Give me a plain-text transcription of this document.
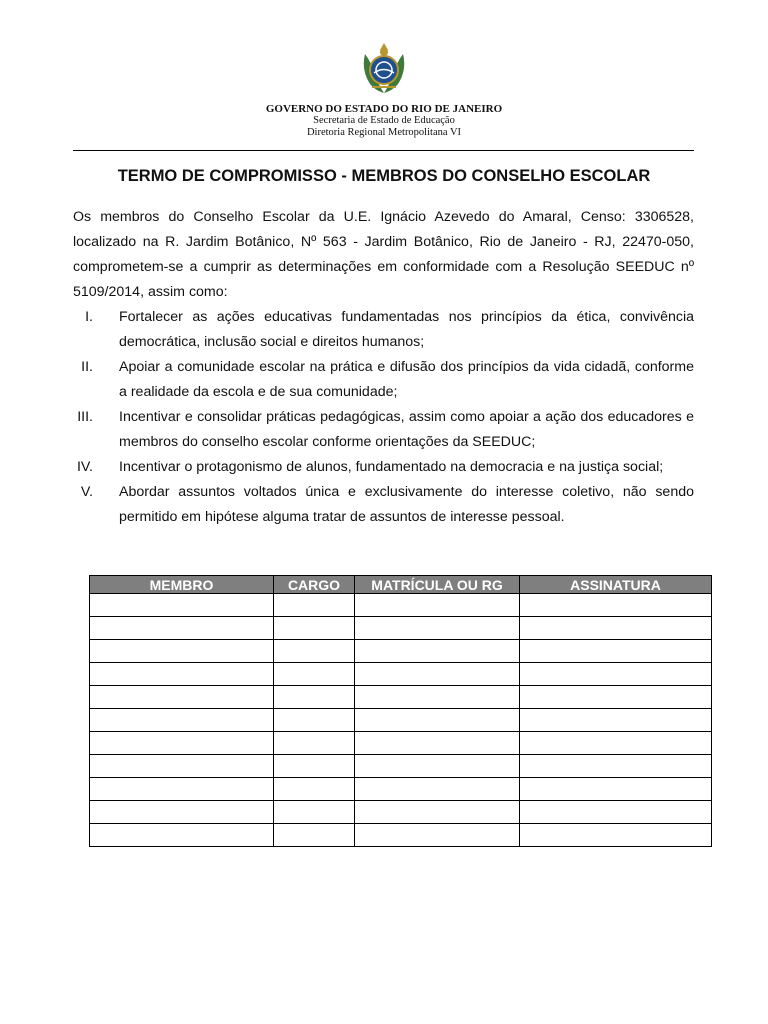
GOVERNO DO ESTADO DO RIO DE JANEIRO
Secretaria de Estado de Educação
Diretoria Regional Metropolitana VI
TERMO DE COMPROMISSO - MEMBROS DO CONSELHO ESCOLAR

Os membros do Conselho Escolar da U.E. Ignácio Azevedo do Amaral, Censo: 3306528, localizado na R. Jardim Botânico, Nº 563 - Jardim Botânico, Rio de Janeiro - RJ, 22470-050, comprometem-se a cumprir as determinações em conformidade com a Resolução SEEDUC nº 5109/2014, assim como:

I. Fortalecer as ações educativas fundamentadas nos princípios da ética, convivência democrática, inclusão social e direitos humanos;
II. Apoiar a comunidade escolar na prática e difusão dos princípios da vida cidadã, conforme a realidade da escola e de sua comunidade;
III. Incentivar e consolidar práticas pedagógicas, assim como apoiar a ação dos educadores e membros do conselho escolar conforme orientações da SEEDUC;
IV. Incentivar o protagonismo de alunos, fundamentado na democracia e na justiça social;
V. Abordar assuntos voltados única e exclusivamente do interesse coletivo, não sendo permitido em hipótese alguma tratar de assuntos de interesse pessoal.
MEMBRO	CARGO	MATRÍCULA OU RG	ASSINATURA
